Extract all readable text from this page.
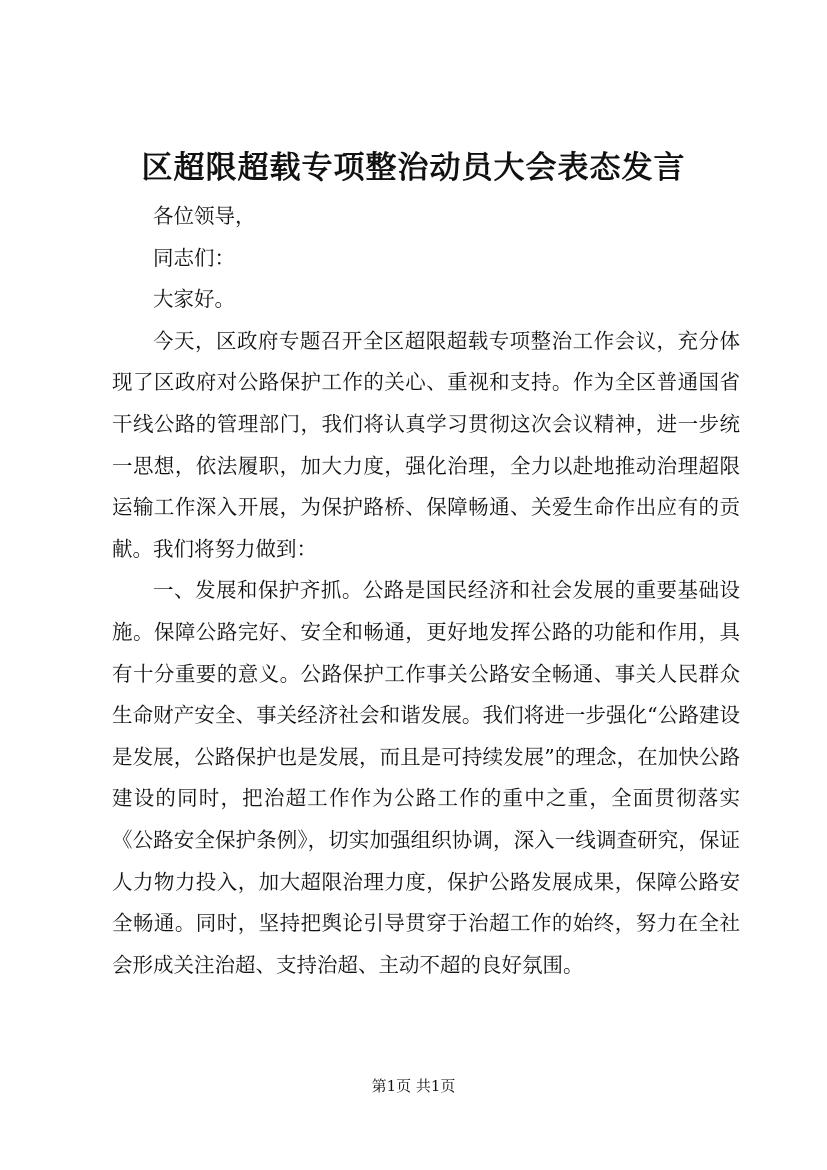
区超限超载专项整治动员大会表态发言

各位领导，

同志们：

大家好。

今天，区政府专题召开全区超限超载专项整治工作会议，充分体现了区政府对公路保护工作的关心、重视和支持。作为全区普通国省干线公路的管理部门，我们将认真学习贯彻这次会议精神，进一步统一思想，依法履职，加大力度，强化治理，全力以赴地推动治理超限运输工作深入开展，为保护路桥、保障畅通、关爱生命作出应有的贡献。我们将努力做到：

一、发展和保护齐抓。公路是国民经济和社会发展的重要基础设施。保障公路完好、安全和畅通，更好地发挥公路的功能和作用，具有十分重要的意义。公路保护工作事关公路安全畅通、事关人民群众生命财产安全、事关经济社会和谐发展。我们将进一步强化“公路建设是发展，公路保护也是发展，而且是可持续发展”的理念，在加快公路建设的同时，把治超工作作为公路工作的重中之重，全面贯彻落实《公路安全保护条例》，切实加强组织协调，深入一线调查研究，保证人力物力投入，加大超限治理力度，保护公路发展成果，保障公路安全畅通。同时，坚持把舆论引导贯穿于治超工作的始终，努力在全社会形成关注治超、支持治超、主动不超的良好氛围。

第1页 共1页
